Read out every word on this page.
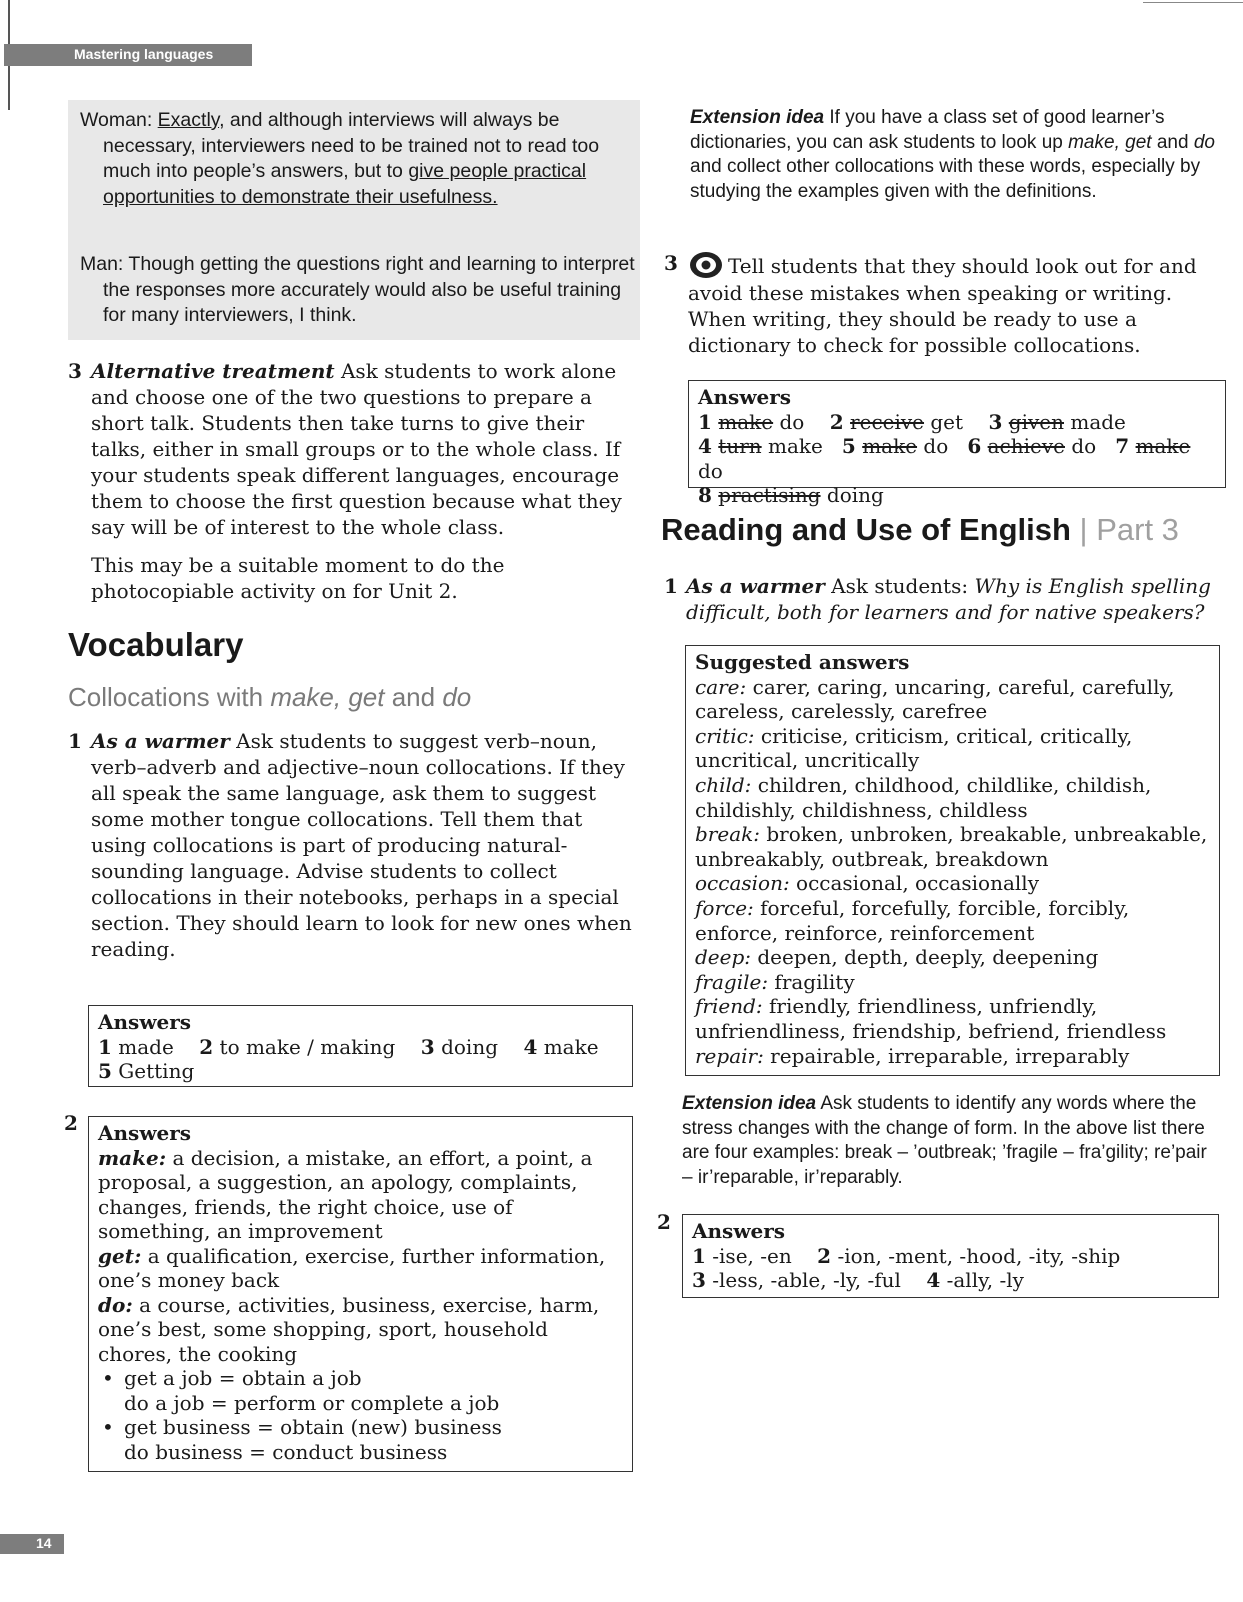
Mastering languages
Woman: Exactly, and although interviews will always be necessary, interviewers need to be trained not to read too much into people’s answers, but to give people practical opportunities to demonstrate their usefulness.
Man: Though getting the questions right and learning to interpret the responses more accurately would also be useful training for many interviewers, I think.
3 Alternative treatment Ask students to work alone and choose one of the two questions to prepare a short talk. Students then take turns to give their talks, either in small groups or to the whole class. If your students speak different languages, encourage them to choose the first question because what they say will be of interest to the whole class.
This may be a suitable moment to do the photocopiable activity on for Unit 2.
Vocabulary
Collocations with make, get and do
1 As a warmer Ask students to suggest verb–noun, verb–adverb and adjective–noun collocations. If they all speak the same language, ask them to suggest some mother tongue collocations. Tell them that using collocations is part of producing natural-sounding language. Advise students to collect collocations in their notebooks, perhaps in a special section. They should learn to look for new ones when reading.
Answers
1 made 2 to make / making 3 doing 4 make
5 Getting
2 Answers
make: a decision, a mistake, an effort, a point, a proposal, a suggestion, an apology, complaints, changes, friends, the right choice, use of something, an improvement
get: a qualification, exercise, further information, one’s money back
do: a course, activities, business, exercise, harm, one’s best, some shopping, sport, household chores, the cooking
• get a job = obtain a job
do a job = perform or complete a job
• get business = obtain (new) business
do business = conduct business
Extension idea If you have a class set of good learner’s dictionaries, you can ask students to look up make, get and do and collect other collocations with these words, especially by studying the examples given with the definitions.
3	Tell students that they should look out for and avoid these mistakes when speaking or writing. When writing, they should be ready to use a dictionary to check for possible collocations.
Answers
1 make do 2 receive get 3 given made
4 turn make 5 make do 6 achieve do 7 make do
8 practising doing
Reading and Use of English | Part 3
1 As a warmer Ask students: Why is English spelling difficult, both for learners and for native speakers?
Suggested answers
care: carer, caring, uncaring, careful, carefully, careless, carelessly, carefree
critic: criticise, criticism, critical, critically, uncritical, uncritically
child: children, childhood, childlike, childish, childishly, childishness, childless
break: broken, unbroken, breakable, unbreakable, unbreakably, outbreak, breakdown
occasion: occasional, occasionally
force: forceful, forcefully, forcible, forcibly, enforce, reinforce, reinforcement
deep: deepen, depth, deeply, deepening
fragile: fragility
friend: friendly, friendliness, unfriendly, unfriendliness, friendship, befriend, friendless
repair: repairable, irreparable, irreparably
Extension idea Ask students to identify any words where the stress changes with the change of form. In the above list there are four examples: break – ’outbreak; ’fragile – fra’gility; re’pair – ir’reparable, ir’reparably.
2 Answers
1 -ise, -en 2 -ion, -ment, -hood, -ity, -ship
3 -less, -able, -ly, -ful 4 -ally, -ly
14
